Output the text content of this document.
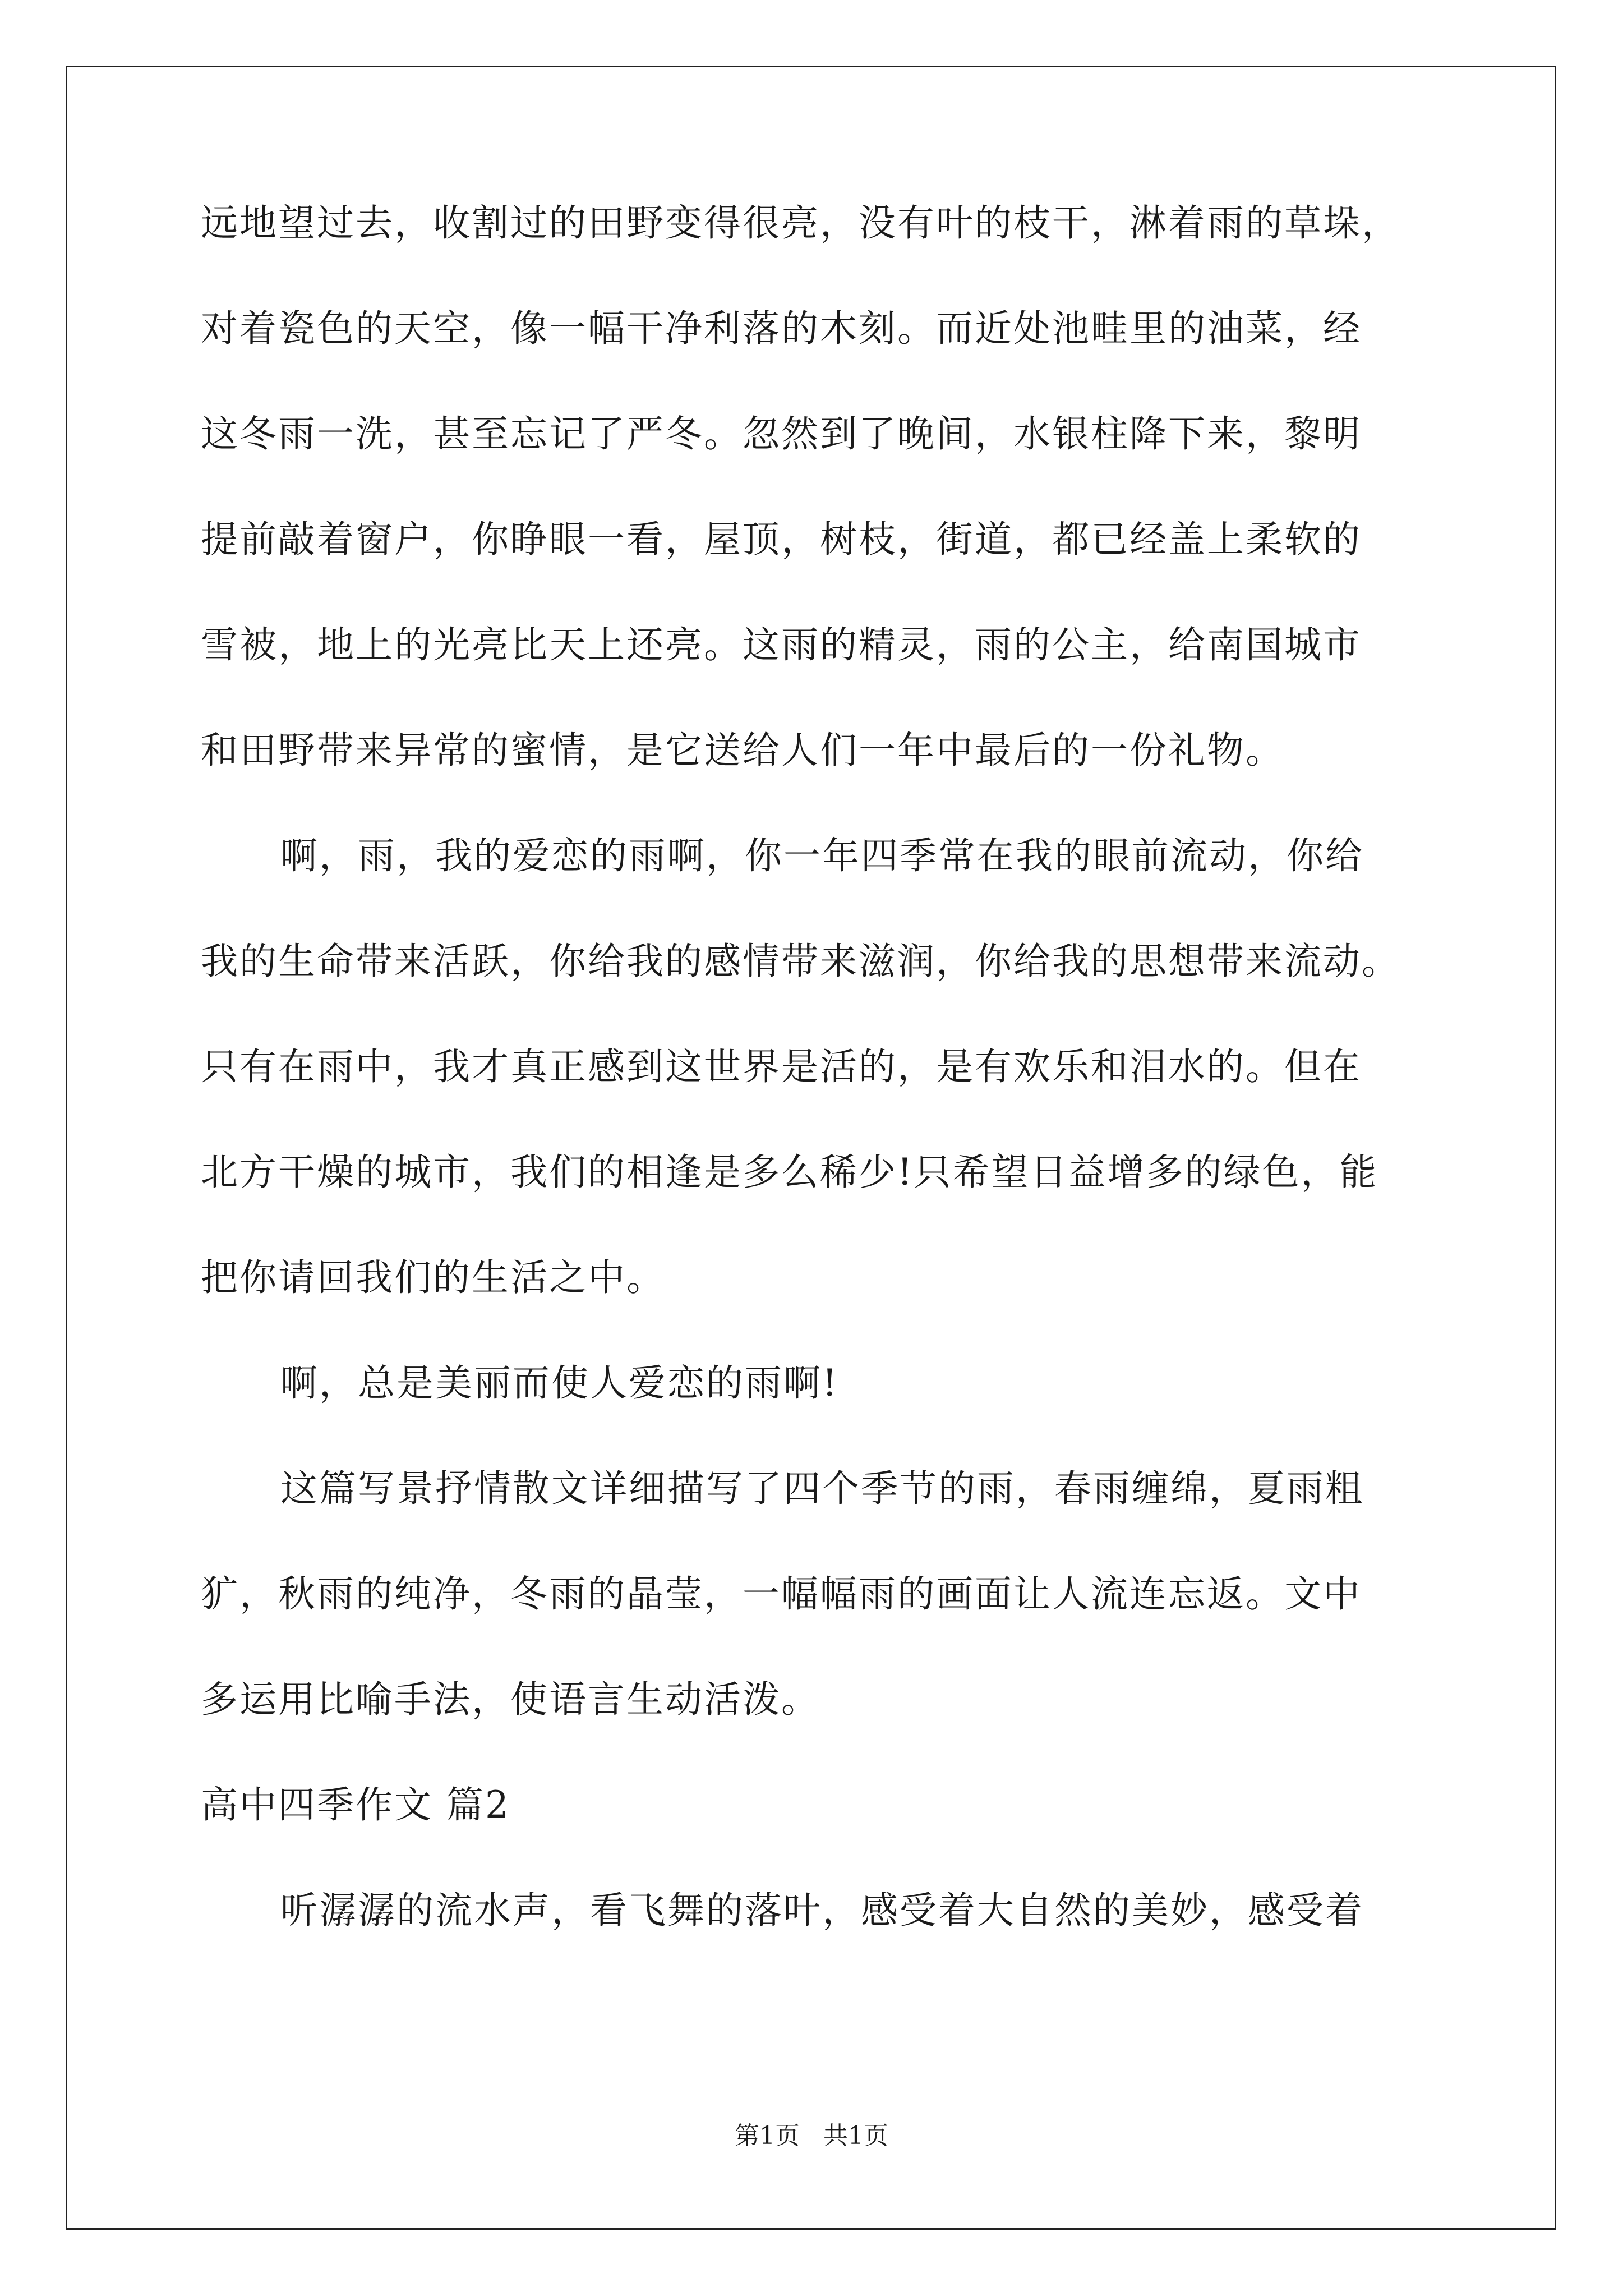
远地望过去，收割过的田野变得很亮，没有叶的枝干，淋着雨的草垛，
对着瓷色的天空，像一幅干净利落的木刻。而近处池畦里的油菜，经
这冬雨一洗，甚至忘记了严冬。忽然到了晚间，水银柱降下来，黎明
提前敲着窗户，你睁眼一看，屋顶，树枝，街道，都已经盖上柔软的
雪被，地上的光亮比天上还亮。这雨的精灵，雨的公主，给南国城市
和田野带来异常的蜜情，是它送给人们一年中最后的一份礼物。
啊，雨，我的爱恋的雨啊，你一年四季常在我的眼前流动，你给
我的生命带来活跃，你给我的感情带来滋润，你给我的思想带来流动。
只有在雨中，我才真正感到这世界是活的，是有欢乐和泪水的。但在
北方干燥的城市，我们的相逢是多么稀少!只希望日益增多的绿色，能
把你请回我们的生活之中。
啊，总是美丽而使人爱恋的雨啊!
这篇写景抒情散文详细描写了四个季节的雨，春雨缠绵，夏雨粗
犷，秋雨的纯净，冬雨的晶莹，一幅幅雨的画面让人流连忘返。文中
多运用比喻手法，使语言生动活泼。
高中四季作文 篇2
听潺潺的流水声，看飞舞的落叶，感受着大自然的美妙，感受着
第1页   共1页
